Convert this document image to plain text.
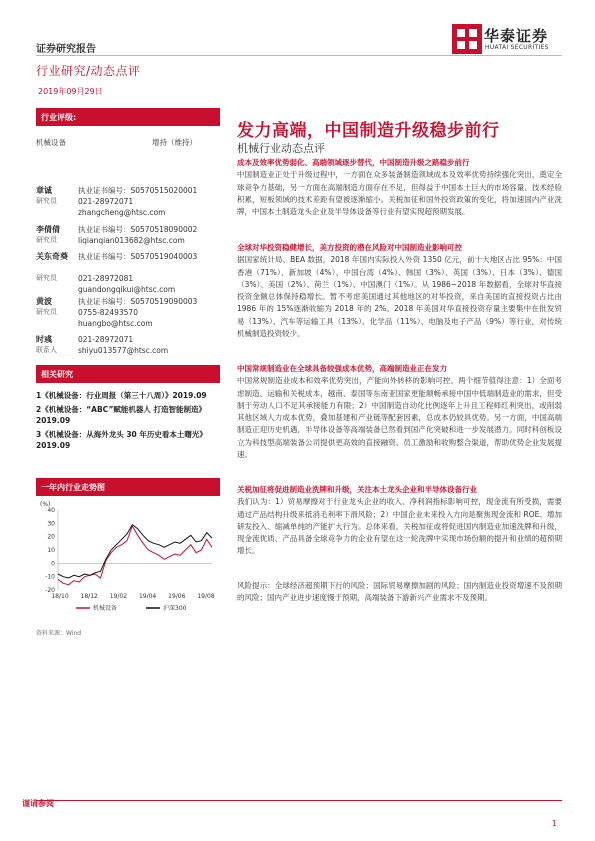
证券研究报告
华泰证券
HUATAI SECURITIES
行业研究/动态点评
2019年09月29日
行业评级:
机械设备	增持（维持）
章诚
研究员
执业证书编号：S0570515020001
021-28972071
zhangcheng@htsc.com
李倩倩
研究员
执业证书编号：S0570518090002
liqianqian013682@htsc.com
关东奇葵
研究员
执业证书编号：S0570519040003
021-28972081
guandongqikui@htsc.com
黄波
研究员
执业证书编号：S0570519090003
0755-82493570
huangbo@htsc.com
时彧
联系人
021-28972071
shiyu013577@htsc.com
相关研究
1《机械设备：行业周报（第三十八周）》2019.09
2《机械设备：“ABC”赋能机器人 打造智能制造》2019.09
3《机械设备：从海外龙头 30 年历史看本土曙光》2019.09
一年内行业走势图
(%)
-20
-10
0
10
20
30
40
18/10 18/12 19/02 19/04 19/06 19/08
机械设备	沪深300
资料来源：Wind
发力高端，中国制造升级稳步前行
机械行业动态点评
成本及效率优势弱化、高端领域逐步替代，中国制造升级之路稳步前行
中国制造业正处于升级过程中，一方面在众多装备制造领域成本及效率优势持续强化突出，奠定全球竞争力基础，另一方面在高端制造方面存在不足，但得益于中国本土巨大的市场容量、技术经验积累，短板领域的技术差距有望被逐渐缩小。关税加征和国外投资政策的变化，将加速国内产业洗牌，中国本土制造龙头企业及半导体设备等行业有望实现超预期发展。
全球对华投资稳健增长，美方投资的潜在风险对中国制造业影响可控
据国家统计局、BEA 数据，2018 年国内实际投入外资 1350 亿元，前十大地区占比 95%：中国香港（71%）、新加坡（4%）、中国台湾（4%）、韩国（3%）、英国（3%）、日本（3%）、德国（3%）、美国（2%）、荷兰（1%）、中国澳门（1%）。从 1986~2018 年数据看，全球对华直接投资金额总体保持稳增长。暂不考虑美国通过其他地区的对华投资，来自美国的直接投资占比由 1986 年的 15%逐渐收缩为 2018 年的 2%。2018 年美国对华直接投资存量主要集中在批发贸易（13%）、汽车等运输工具（13%）、化学品（11%）、电脑及电子产品（9%）等行业，对传统机械制造投资较少。
中国常规制造业在全球具备较强成本优势，高端制造业正在发力
中国常规制造业成本和效率优势突出，产能向外转移的影响可控。两个细节值得注意：1）全面考虑制造、运输和关税成本，越南、泰国等东南亚国家更能顺畅承接中国中低端制造业的需求，但受制于劳动人口不足其承接能力有限；2）中国制造自动化比例逐年上升且工程师红利突出，或削弱其他区域人力成本优势，叠加基建和产业链等配套因素，总成本仍较具优势。另一方面，中国高端制造正迎历史机遇，半导体设备等高端装备已然看到国产化突破和进一步发展潜力。同时科创板设立为科技型高端装备公司提供更高效的直接融资、员工激励和收购整合渠道，帮助优势企业发展提速。
关税加征将促进制造业洗牌和升级，关注本土龙头企业和半导体设备行业
我们认为：1）贸易摩擦对于行业龙头企业的收入、净利润指标影响可控，现金流有所受损，需要通过产品结构升级来抵消毛利率下滑风险；2）中国企业未来投入方向是聚焦现金流和 ROE、增加研发投入、缩减单纯的产能扩大行为。总体来看，关税加征或将促进国内制造业加速洗牌和升级，现金流优质、产品具备全球竞争力的企业有望在这一轮洗牌中实现市场份额的提升和业绩的超预期增长。
风险提示：全球经济超预期下行的风险；国际贸易摩擦加剧的风险；国内制造业投资增速不及预期的风险；国内产业进步速度慢于预期，高端装备下游新兴产业需求不及预期。
谨请参阅
1
